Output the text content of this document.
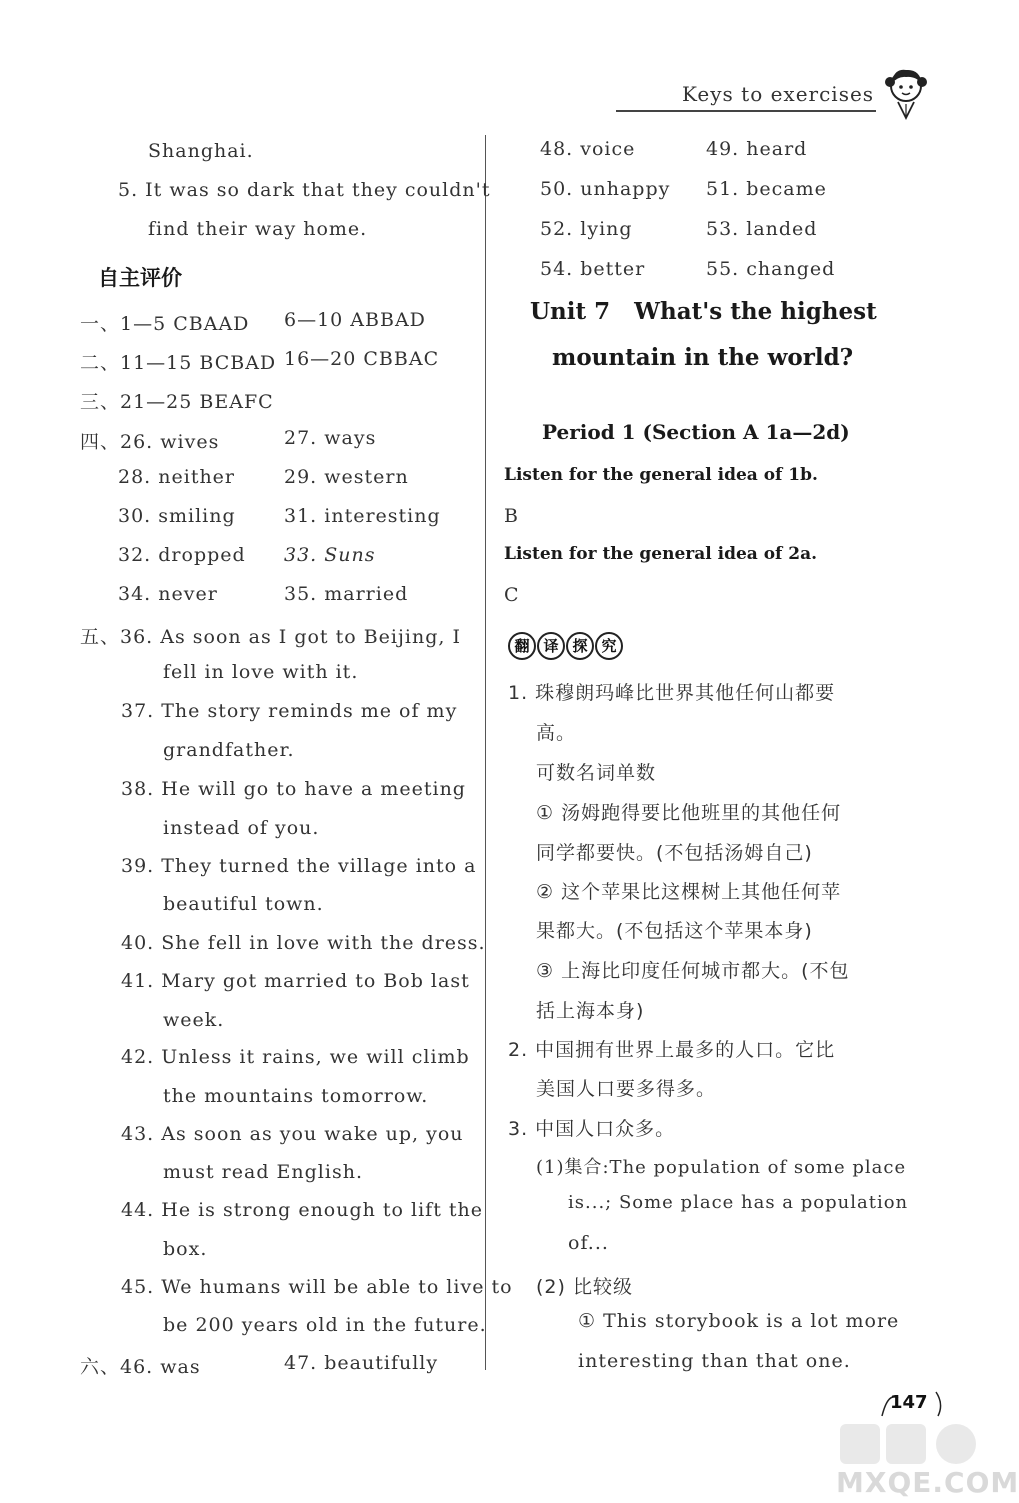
Keys to exercises
Shanghai.
5. It was so dark that they couldn't
find their way home.
自主评价
一、1—5 CBAAD 6—10 ABBAD
二、11—15 BCBAD 16—20 CBBAC
三、21—25 BEAFC
四、26. wives	27. ways
28. neither	29. western
30. smiling	31. interesting
32. dropped 33. Suns
34. never	35. married
五、36. As soon as I got to Beijing, I
fell in love with it.
37. The story reminds me of my
grandfather.
38. He will go to have a meeting
instead of you.
39. They turned the village into a
beautiful town.
40. She fell in love with the dress.
41. Mary got married to Bob last
week.
42. Unless it rains, we will climb
the mountains tomorrow.
43. As soon as you wake up, you
must read English.
44. He is strong enough to lift the
box.
45. We humans will be able to live to
be 200 years old in the future.
六、46. was	47. beautifully
48. voice	49. heard
50. unhappy 51. became
52. lying	53. landed
54. better	55. changed
Unit 7   What's the highest
mountain in the world?
Period 1 (Section A 1a—2d)
Listen for the general idea of 1b.
B
Listen for the general idea of 2a.
C
翻 译 探 究
1. 珠穆朗玛峰比世界其他任何山都要
高。
可数名词单数
① 汤姆跑得要比他班里的其他任何
同学都要快。(不包括汤姆自己)
② 这个苹果比这棵树上其他任何苹
果都大。(不包括这个苹果本身)
③ 上海比印度任何城市都大。(不包
括上海本身)
2. 中国拥有世界上最多的人口。它比
美国人口要多得多。
3. 中国人口众多。
(1)集合:The population of some place
is...; Some place has a population
of...
(2) 比较级
① This storybook is a lot more
interesting than that one.
147
MXQE.COM
